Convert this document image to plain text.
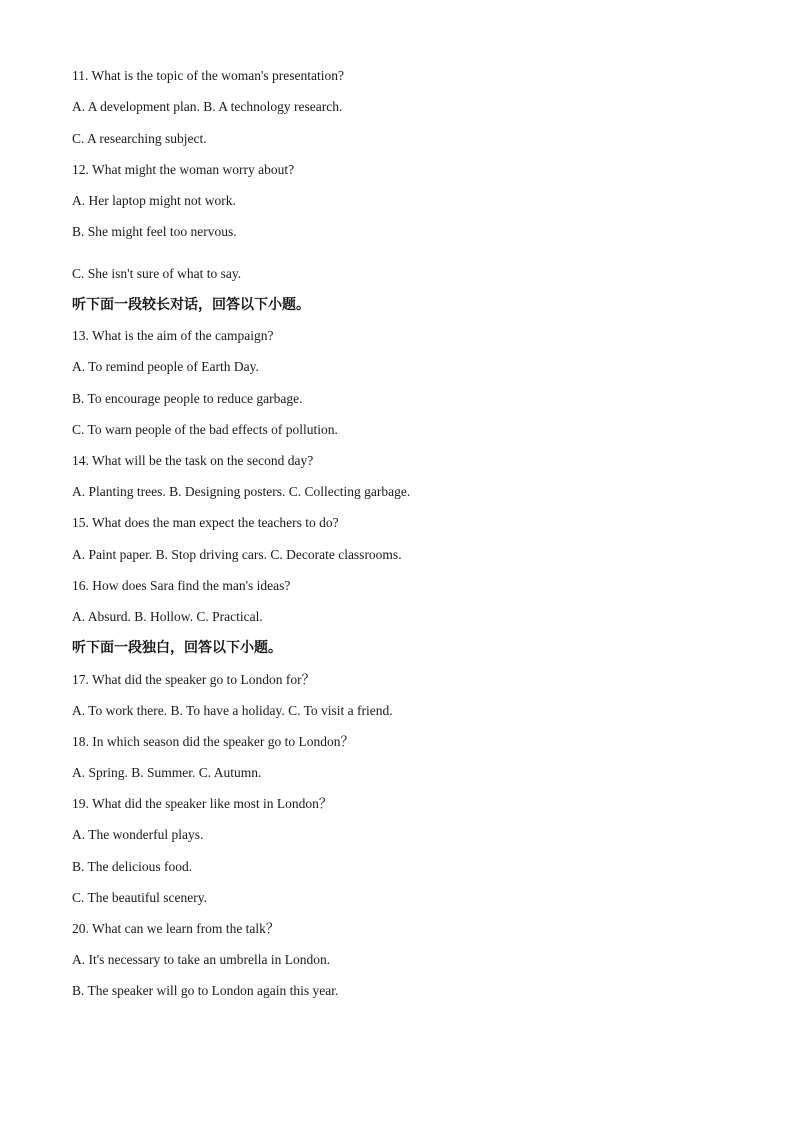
11. What is the topic of the woman's presentation?

A. A development plan. B. A technology research.

C. A researching subject.

12. What might the woman worry about?

A. Her laptop might not work.

B. She might feel too nervous.

C. She isn't sure of what to say.

听下面一段较长对话，回答以下小题。

13. What is the aim of the campaign?

A. To remind people of Earth Day.

B. To encourage people to reduce garbage.

C. To warn people of the bad effects of pollution.

14. What will be the task on the second day?

A. Planting trees. B. Designing posters. C. Collecting garbage.

15. What does the man expect the teachers to do?

A. Paint paper. B. Stop driving cars. C. Decorate classrooms.

16. How does Sara find the man's ideas?

A. Absurd. B. Hollow. C. Practical.

听下面一段独白，回答以下小题。

17. What did the speaker go to London for？

A. To work there. B. To have a holiday. C. To visit a friend.

18. In which season did the speaker go to London？

A. Spring. B. Summer. C. Autumn.

19. What did the speaker like most in London？

A. The wonderful plays.

B. The delicious food.

C. The beautiful scenery.

20. What can we learn from the talk？

A. It's necessary to take an umbrella in London.

B. The speaker will go to London again this year.
